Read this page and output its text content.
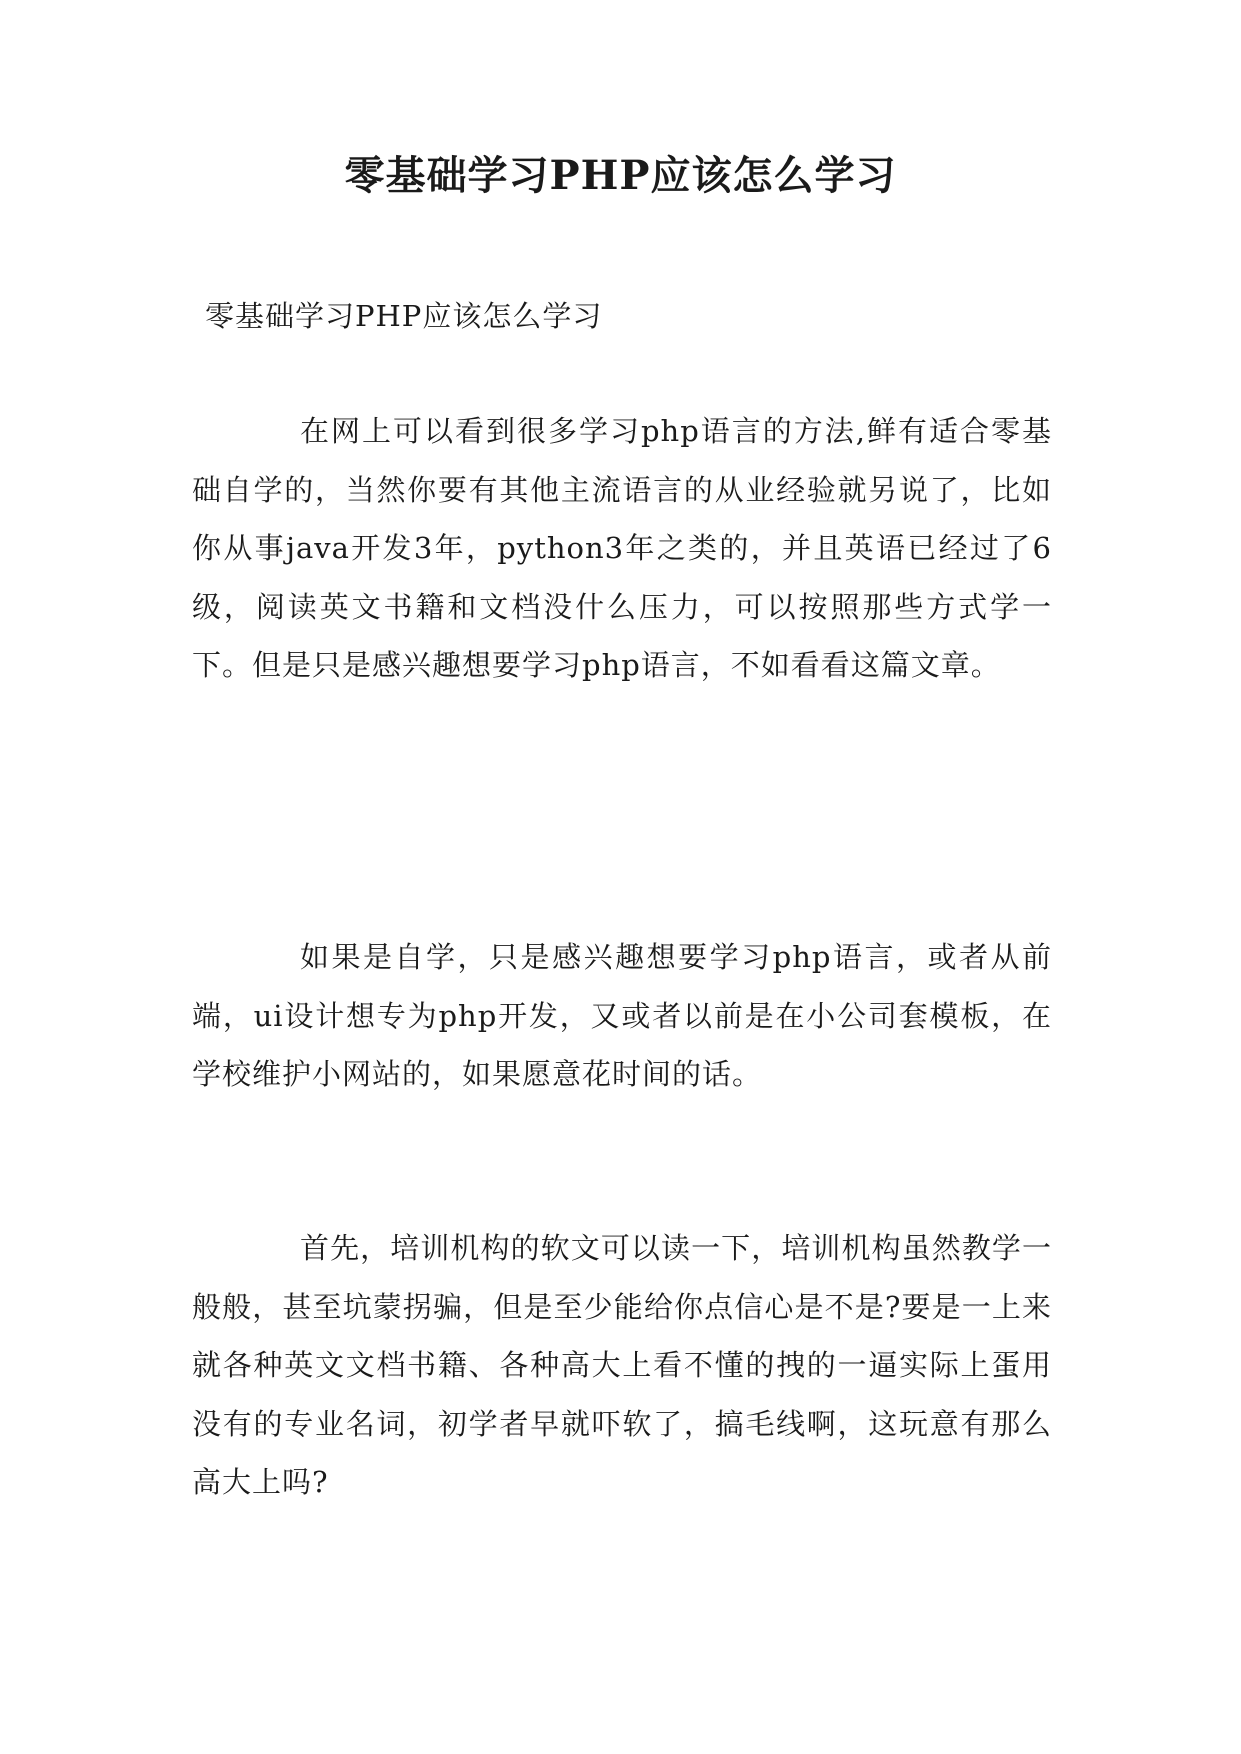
零基础学习PHP应该怎么学习

零基础学习PHP应该怎么学习

在网上可以看到很多学习php语言的方法,鲜有适合零基础自学的，当然你要有其他主流语言的从业经验就另说了，比如你从事java开发3年，python3年之类的，并且英语已经过了6级，阅读英文书籍和文档没什么压力，可以按照那些方式学一下。但是只是感兴趣想要学习php语言，不如看看这篇文章。

如果是自学，只是感兴趣想要学习php语言，或者从前端，ui设计想专为php开发，又或者以前是在小公司套模板，在学校维护小网站的，如果愿意花时间的话。

首先，培训机构的软文可以读一下，培训机构虽然教学一般般，甚至坑蒙拐骗，但是至少能给你点信心是不是?要是一上来就各种英文文档书籍、各种高大上看不懂的拽的一逼实际上蛋用没有的专业名词，初学者早就吓软了，搞毛线啊，这玩意有那么高大上吗?
